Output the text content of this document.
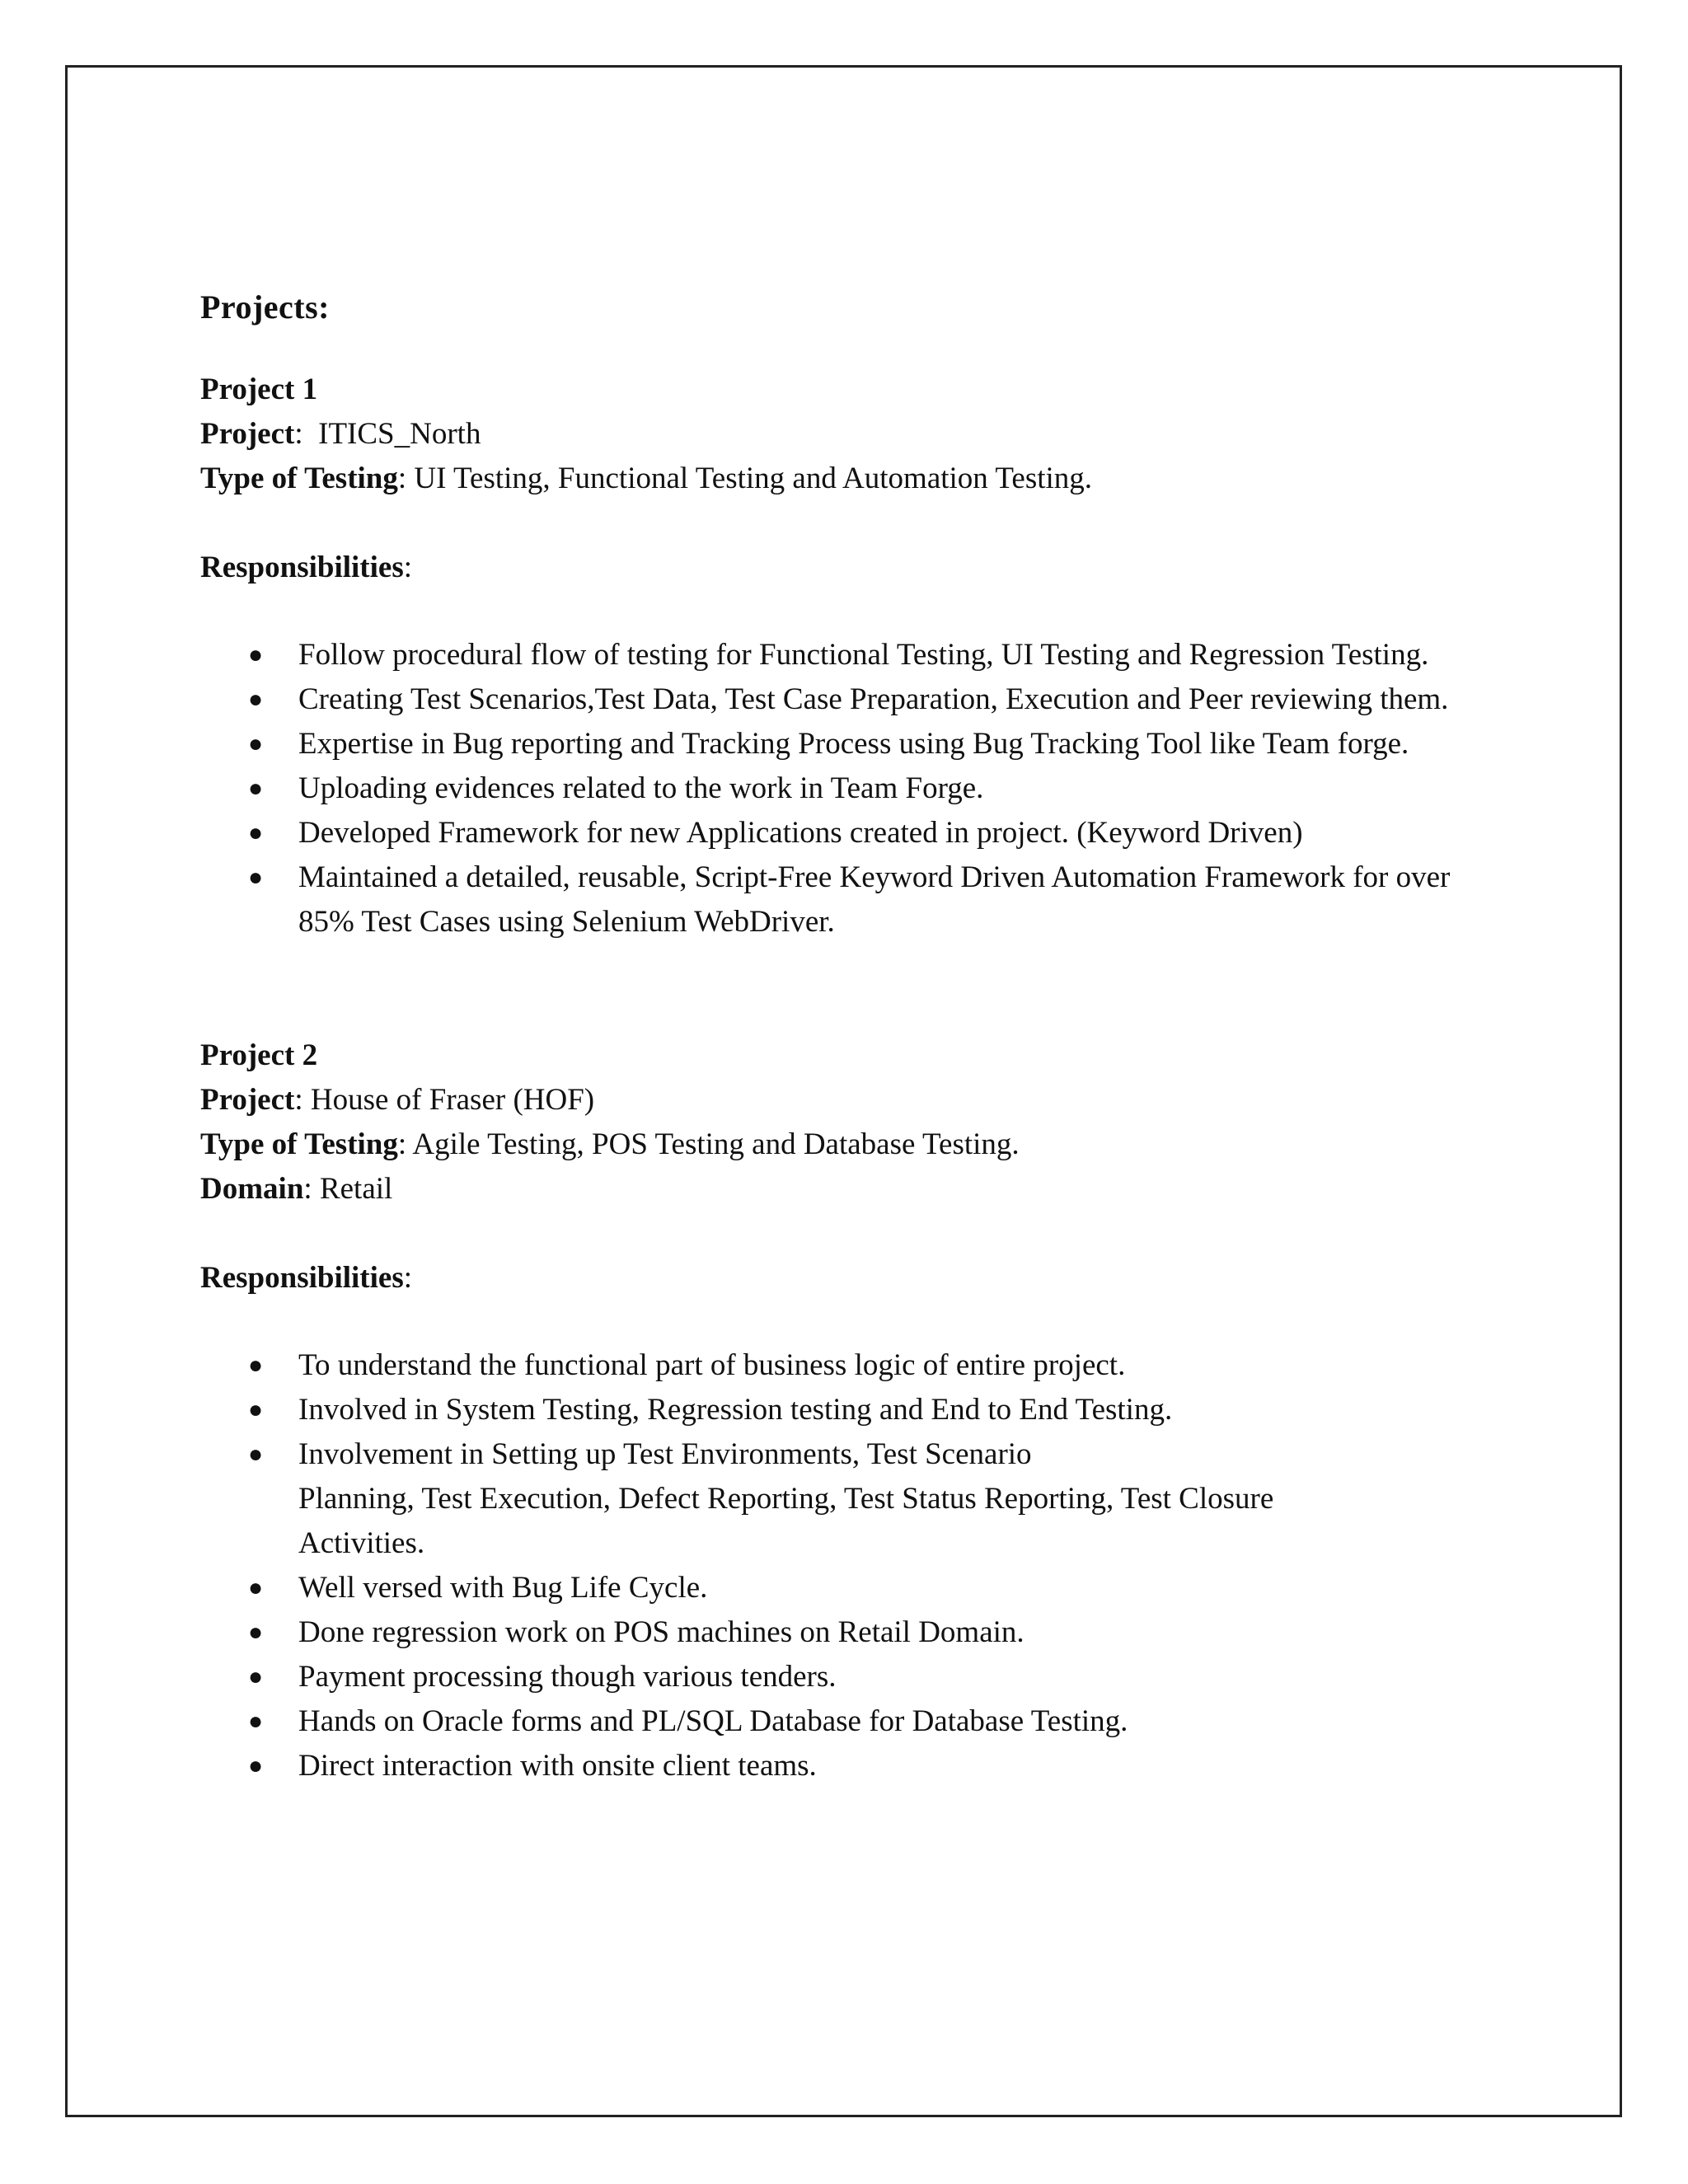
Projects:

Project 1

Project:  ITICS_North

Type of Testing: UI Testing, Functional Testing and Automation Testing.

Responsibilities:

● Follow procedural flow of testing for Functional Testing, UI Testing and Regression Testing.
● Creating Test Scenarios,Test Data, Test Case Preparation, Execution and Peer reviewing them.
● Expertise in Bug reporting and Tracking Process using Bug Tracking Tool like Team forge.
● Uploading evidences related to the work in Team Forge.
● Developed Framework for new Applications created in project. (Keyword Driven)
● Maintained a detailed, reusable, Script-Free Keyword Driven Automation Framework for over 85% Test Cases using Selenium WebDriver.

Project 2

Project: House of Fraser (HOF)

Type of Testing: Agile Testing, POS Testing and Database Testing.

Domain: Retail

Responsibilities:

● To understand the functional part of business logic of entire project.
● Involved in System Testing, Regression testing and End to End Testing.
● Involvement in Setting up Test Environments, Test Scenario
Planning, Test Execution, Defect Reporting, Test Status Reporting, Test Closure
Activities.
● Well versed with Bug Life Cycle.
● Done regression work on POS machines on Retail Domain.
● Payment processing though various tenders.
● Hands on Oracle forms and PL/SQL Database for Database Testing.
● Direct interaction with onsite client teams.
